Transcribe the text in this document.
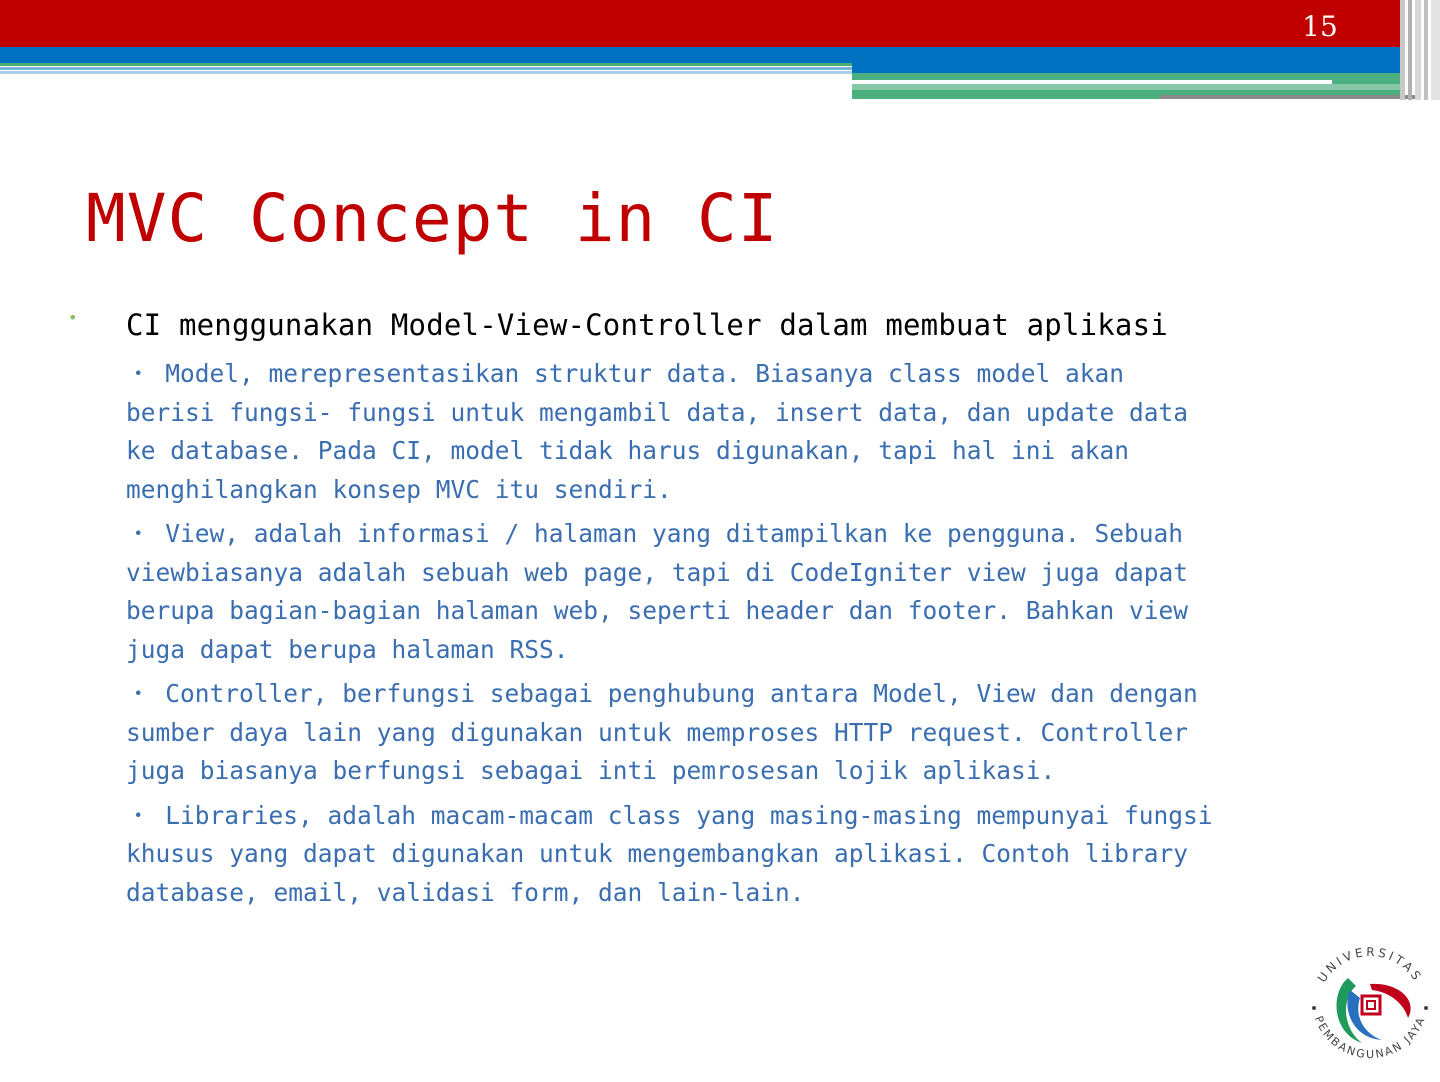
15
MVC Concept in CI
• CI menggunakan Model-View-Controller dalam membuat aplikasi
・ Model, merepresentasikan struktur data. Biasanya class model akan
berisi fungsi- fungsi untuk mengambil data, insert data, dan update data
ke database. Pada CI, model tidak harus digunakan, tapi hal ini akan
menghilangkan konsep MVC itu sendiri.
・ View, adalah informasi / halaman yang ditampilkan ke pengguna. Sebuah
viewbiasanya adalah sebuah web page, tapi di CodeIgniter view juga dapat
berupa bagian-bagian halaman web, seperti header dan footer. Bahkan view
juga dapat berupa halaman RSS.
・ Controller, berfungsi sebagai penghubung antara Model, View dan dengan
sumber daya lain yang digunakan untuk memproses HTTP request. Controller
juga biasanya berfungsi sebagai inti pemrosesan lojik aplikasi.
・ Libraries, adalah macam-macam class yang masing-masing mempunyai fungsi
khusus yang dapat digunakan untuk mengembangkan aplikasi. Contoh library
database, email, validasi form, dan lain-lain.
UNIVERSITAS
PEMBANGUNAN JAYA
